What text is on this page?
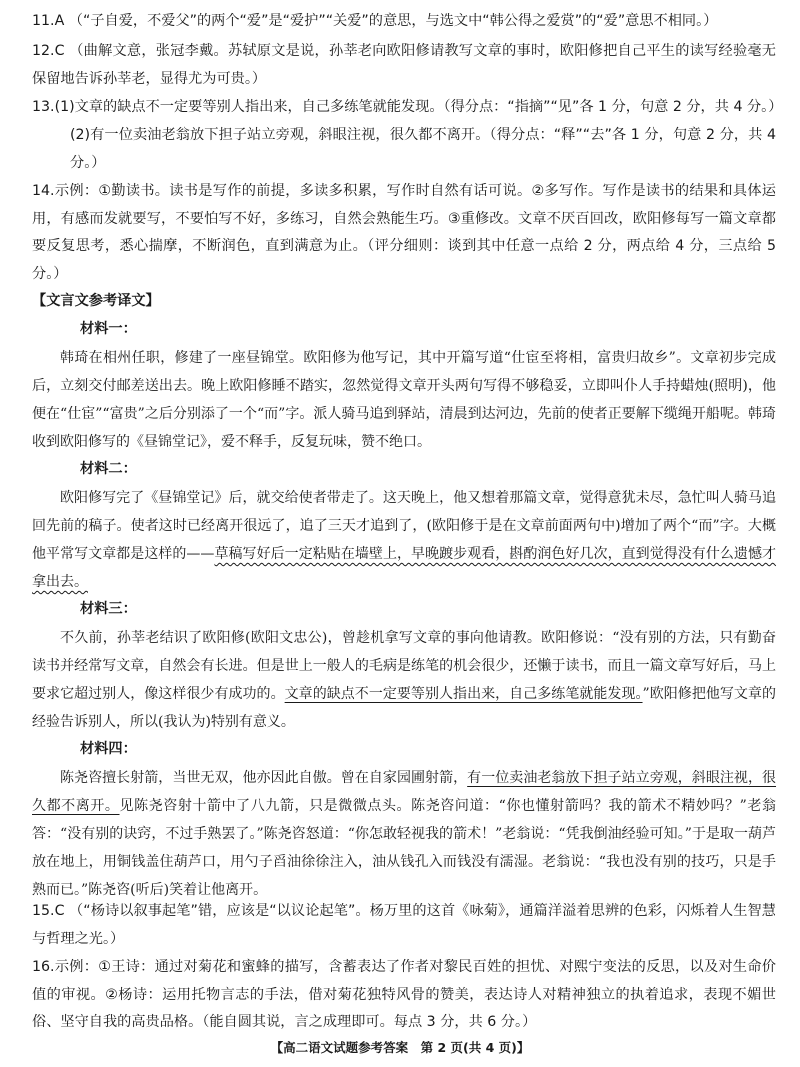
11.A （“子自爱，不爱父”的两个“爱”是“爱护”“关爱”的意思，与选文中“韩公得之爱赏”的“爱”意思不相同。）
12.C （曲解文意，张冠李戴。苏轼原文是说，孙莘老向欧阳修请教写文章的事时，欧阳修把自己平生的读写经验毫无保留地告诉孙莘老，显得尤为可贵。）
13.(1)文章的缺点不一定要等别人指出来，自己多练笔就能发现。（得分点：“指摘”“见”各 1 分，句意 2 分，共 4 分。）
(2)有一位卖油老翁放下担子站立旁观，斜眼注视，很久都不离开。（得分点：“释”“去”各 1 分，句意 2 分，共 4 分。）
14.示例：①勤读书。读书是写作的前提，多读多积累，写作时自然有话可说。②多写作。写作是读书的结果和具体运用，有感而发就要写，不要怕写不好，多练习，自然会熟能生巧。③重修改。文章不厌百回改，欧阳修每写一篇文章都要反复思考，悉心揣摩，不断润色，直到满意为止。（评分细则：谈到其中任意一点给 2 分，两点给 4 分，三点给 5 分。）
【文言文参考译文】
材料一：
韩琦在相州任职，修建了一座昼锦堂。欧阳修为他写记，其中开篇写道“仕宦至将相，富贵归故乡”。文章初步完成后，立刻交付邮差送出去。晚上欧阳修睡不踏实，忽然觉得文章开头两句写得不够稳妥，立即叫仆人手持蜡烛(照明)，他便在“仕宦”“富贵”之后分别添了一个“而”字。派人骑马追到驿站，清晨到达河边，先前的使者正要解下缆绳开船呢。韩琦收到欧阳修写的《昼锦堂记》，爱不释手，反复玩味，赞不绝口。
材料二：
欧阳修写完了《昼锦堂记》后，就交给使者带走了。这天晚上，他又想着那篇文章，觉得意犹未尽，急忙叫人骑马追回先前的稿子。使者这时已经离开很远了，追了三天才追到了，(欧阳修于是在文章前面两句中)增加了两个“而”字。大概他平常写文章都是这样的——草稿写好后一定粘贴在墙壁上，早晚踱步观看，斟酌润色好几次，直到觉得没有什么遗憾才拿出去。
材料三：
不久前，孙莘老结识了欧阳修(欧阳文忠公)，曾趁机拿写文章的事向他请教。欧阳修说：“没有别的方法，只有勤奋读书并经常写文章，自然会有长进。但是世上一般人的毛病是练笔的机会很少，还懒于读书，而且一篇文章写好后，马上要求它超过别人，像这样很少有成功的。文章的缺点不一定要等别人指出来，自己多练笔就能发现。”欧阳修把他写文章的经验告诉别人，所以(我认为)特别有意义。
材料四：
陈尧咨擅长射箭，当世无双，他亦因此自傲。曾在自家园圃射箭，有一位卖油老翁放下担子站立旁观，斜眼注视，很久都不离开。见陈尧咨射十箭中了八九箭，只是微微点头。陈尧咨问道：“你也懂射箭吗？我的箭术不精妙吗？”老翁答：“没有别的诀窍，不过手熟罢了。”陈尧咨怒道：“你怎敢轻视我的箭术！”老翁说：“凭我倒油经验可知。”于是取一葫芦放在地上，用铜钱盖住葫芦口，用勺子舀油徐徐注入，油从钱孔入而钱没有濡湿。老翁说：“我也没有别的技巧，只是手熟而已。”陈尧咨(听后)笑着让他离开。
15.C （“杨诗以叙事起笔”错，应该是“以议论起笔”。杨万里的这首《咏菊》，通篇洋溢着思辨的色彩，闪烁着人生智慧与哲理之光。）
16.示例：①王诗：通过对菊花和蜜蜂的描写，含蓄表达了作者对黎民百姓的担忧、对熙宁变法的反思，以及对生命价值的审视。②杨诗：运用托物言志的手法，借对菊花独特风骨的赞美，表达诗人对精神独立的执着追求，表现不媚世俗、坚守自我的高贵品格。（能自圆其说，言之成理即可。每点 3 分，共 6 分。）
【高二语文试题参考答案　第 2 页(共 4 页)】
